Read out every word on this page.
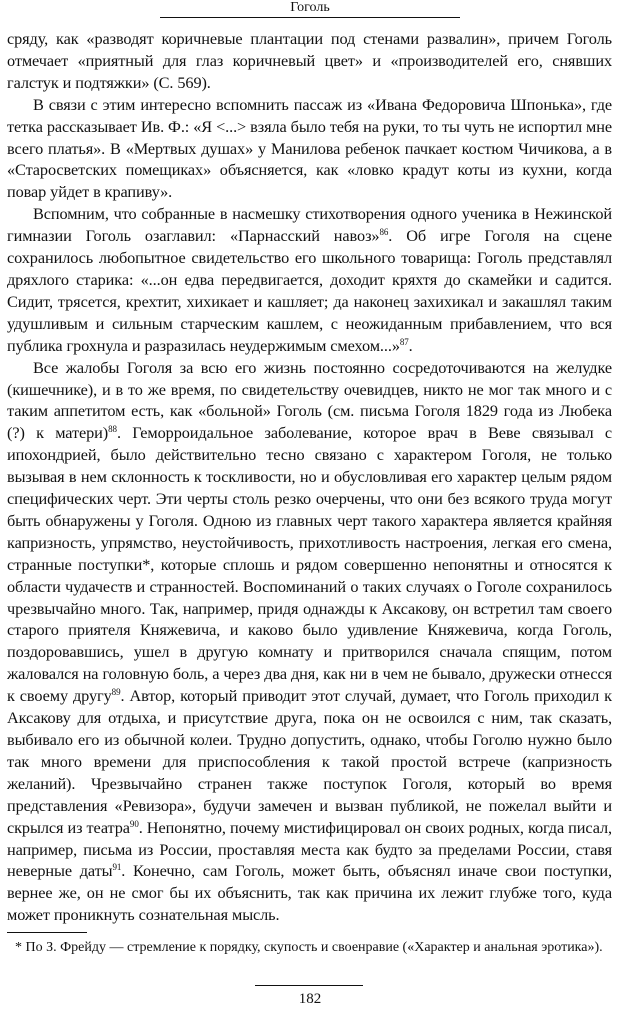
Гоголь

сряду, как «разводят коричневые плантации под стенами развалин», причем Гоголь отмечает «приятный для глаз коричневый цвет» и «производителей его, снявших галстук и подтяжки» (С. 569).

В связи с этим интересно вспомнить пассаж из «Ивана Федоровича Шпонька», где тетка рассказывает Ив. Ф.: «Я <...> взяла было тебя на руки, то ты чуть не испортил мне всего платья». В «Мертвых душах» у Манилова ребенок пачкает костюм Чичикова, а в «Старосветских помещиках» объясняется, как «ловко крадут коты из кухни, когда повар уйдет в крапиву».

Вспомним, что собранные в насмешку стихотворения одного ученика в Нежинской гимназии Гоголь озаглавил: «Парнасский навоз»$^{86}$. Об игре Гоголя на сцене сохранилось любопытное свидетельство его школьного товарища: Гоголь представлял дряхлого старика: «...он едва передвигается, доходит кряхтя до скамейки и садится. Сидит, трясется, крехтит, хихикает и кашляет; да наконец захихикал и закашлял таким удушливым и сильным старческим кашлем, с неожиданным прибавлением, что вся публика грохнула и разразилась неудержимым смехом...»$^{87}$.

Все жалобы Гоголя за всю его жизнь постоянно сосредоточиваются на желудке (кишечнике), и в то же время, по свидетельству очевидцев, никто не мог так много и с таким аппетитом есть, как «больной» Гоголь (см. письма Гоголя 1829 года из Любека (?) к матери)$^{88}$. Геморроидальное заболевание, которое врач в Веве связывал с ипохондрией, было действительно тесно связано с характером Гоголя, не только вызывая в нем склонность к тоскливости, но и обусловливая его характер целым рядом специфических черт. Эти черты столь резко очерчены, что они без всякого труда могут быть обнаружены у Гоголя. Одною из главных черт такого характера является крайняя капризность, упрямство, неустойчивость, прихотливость настроения, легкая его смена, странные поступки*, которые сплошь и рядом совершенно непонятны и относятся к области чудачеств и странностей. Воспоминаний о таких случаях о Гоголе сохранилось чрезвычайно много. Так, например, придя однажды к Аксакову, он встретил там своего старого приятеля Княжевича, и каково было удивление Княжевича, когда Гоголь, поздоровавшись, ушел в другую комнату и притворился сначала спящим, потом жаловался на головную боль, а через два дня, как ни в чем не бывало, дружески отнесся к своему другу$^{89}$. Автор, который приводит этот случай, думает, что Гоголь приходил к Аксакову для отдыха, и присутствие друга, пока он не освоился с ним, так сказать, выбивало его из обычной колеи. Трудно допустить, однако, чтобы Гоголю нужно было так много времени для приспособления к такой простой встрече (капризность желаний). Чрезвычайно странен также поступок Гоголя, который во время представления «Ревизора», будучи замечен и вызван публикой, не пожелал выйти и скрылся из театра$^{90}$. Непонятно, почему мистифицировал он своих родных, когда писал, например, письма из России, проставляя места как будто за пределами России, ставя неверные даты$^{91}$. Конечно, сам Гоголь, может быть, объяснял иначе свои поступки, вернее же, он не смог бы их объяснить, так как причина их лежит глубже того, куда может проникнуть сознательная мысль.

* По З. Фрейду — стремление к порядку, скупость и своенравие («Характер и анальная эротика»).
182
